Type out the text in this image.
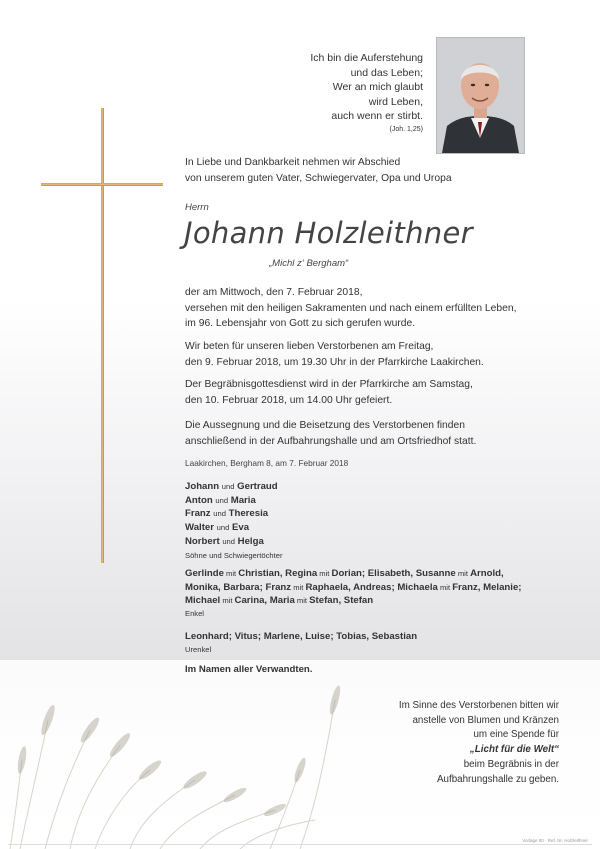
Ich bin die Auferstehung
und das Leben;
Wer an mich glaubt
wird Leben,
auch wenn er stirbt.
(Joh. 1,25)
In Liebe und Dankbarkeit nehmen wir Abschied
von unserem guten Vater, Schwiegervater, Opa und Uropa
Herrn
Johann Holzleithner
„Michl z‘ Bergham“
der am Mittwoch, den 7. Februar 2018,
versehen mit den heiligen Sakramenten und nach einem erfüllten Leben,
im 96. Lebensjahr von Gott zu sich gerufen wurde.
Wir beten für unseren lieben Verstorbenen am Freitag,
den 9. Februar 2018, um 19.30 Uhr in der Pfarrkirche Laakirchen.
Der Begräbnisgottesdienst wird in der Pfarrkirche am Samstag,
den 10. Februar 2018, um 14.00 Uhr gefeiert.
Die Aussegnung und die Beisetzung des Verstorbenen finden
anschließend in der Aufbahrungshalle und am Ortsfriedhof statt.
Laakirchen, Bergham 8, am 7. Februar 2018
Johann und Gertraud
Anton und Maria
Franz und Theresia
Walter und Eva
Norbert und Helga
Söhne und Schwiegertöchter
Gerlinde mit Christian, Regina mit Dorian; Elisabeth, Susanne mit Arnold,
Monika, Barbara; Franz mit Raphaela, Andreas; Michaela mit Franz, Melanie;
Michael mit Carina, Maria mit Stefan, Stefan
Enkel
Leonhard; Vitus; Marlene, Luise; Tobias, Sebastian
Urenkel
Im Namen aller Verwandten.
Im Sinne des Verstorbenen bitten wir
anstelle von Blumen und Kränzen
um eine Spende für
„Licht für die Welt“
beim Begräbnis in der
Aufbahrungshalle zu geben.
Vorlage 80 · Ref. Nr. Holzleithner
